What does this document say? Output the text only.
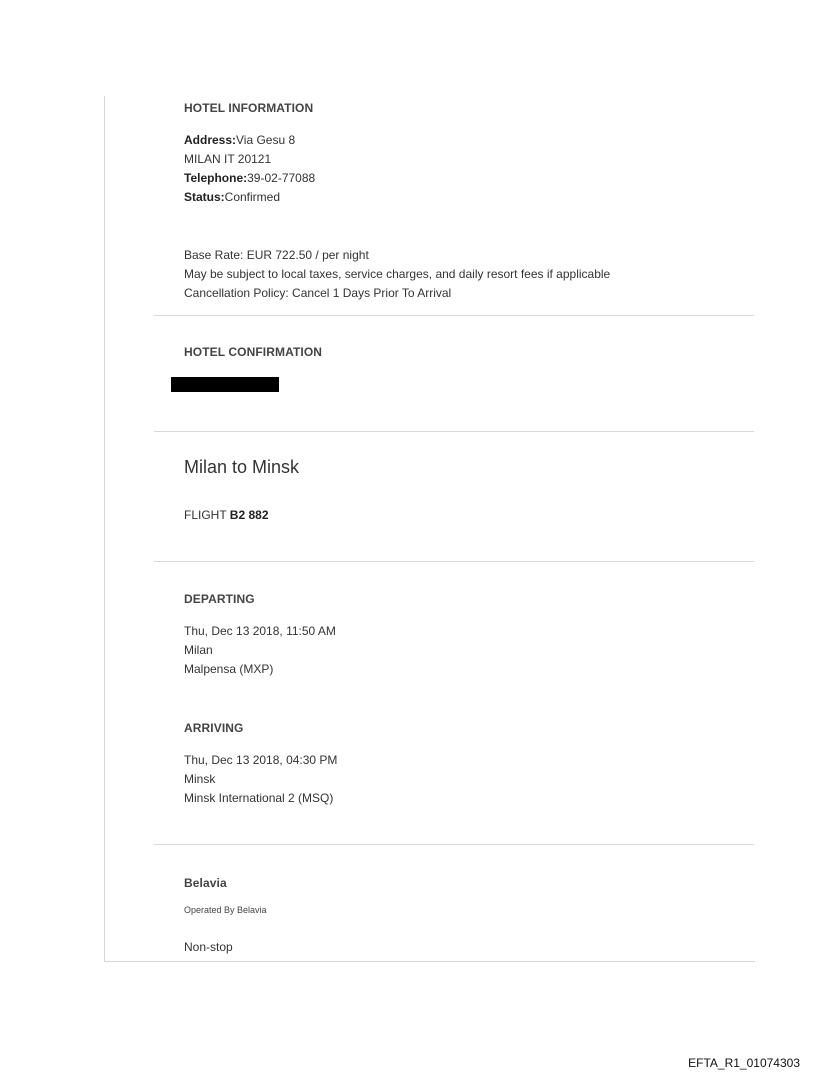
HOTEL INFORMATION
Address:Via Gesu 8
MILAN IT 20121
Telephone:39-02-77088
Status:Confirmed
Base Rate: EUR 722.50 / per night
May be subject to local taxes, service charges, and daily resort fees if applicable
Cancellation Policy: Cancel 1 Days Prior To Arrival
HOTEL CONFIRMATION
Milan to Minsk
FLIGHT B2 882
DEPARTING
Thu, Dec 13 2018, 11:50 AM
Milan
Malpensa (MXP)
ARRIVING
Thu, Dec 13 2018, 04:30 PM
Minsk
Minsk International 2 (MSQ)
Belavia
Operated By Belavia
Non-stop
EFTA_R1_01074303
